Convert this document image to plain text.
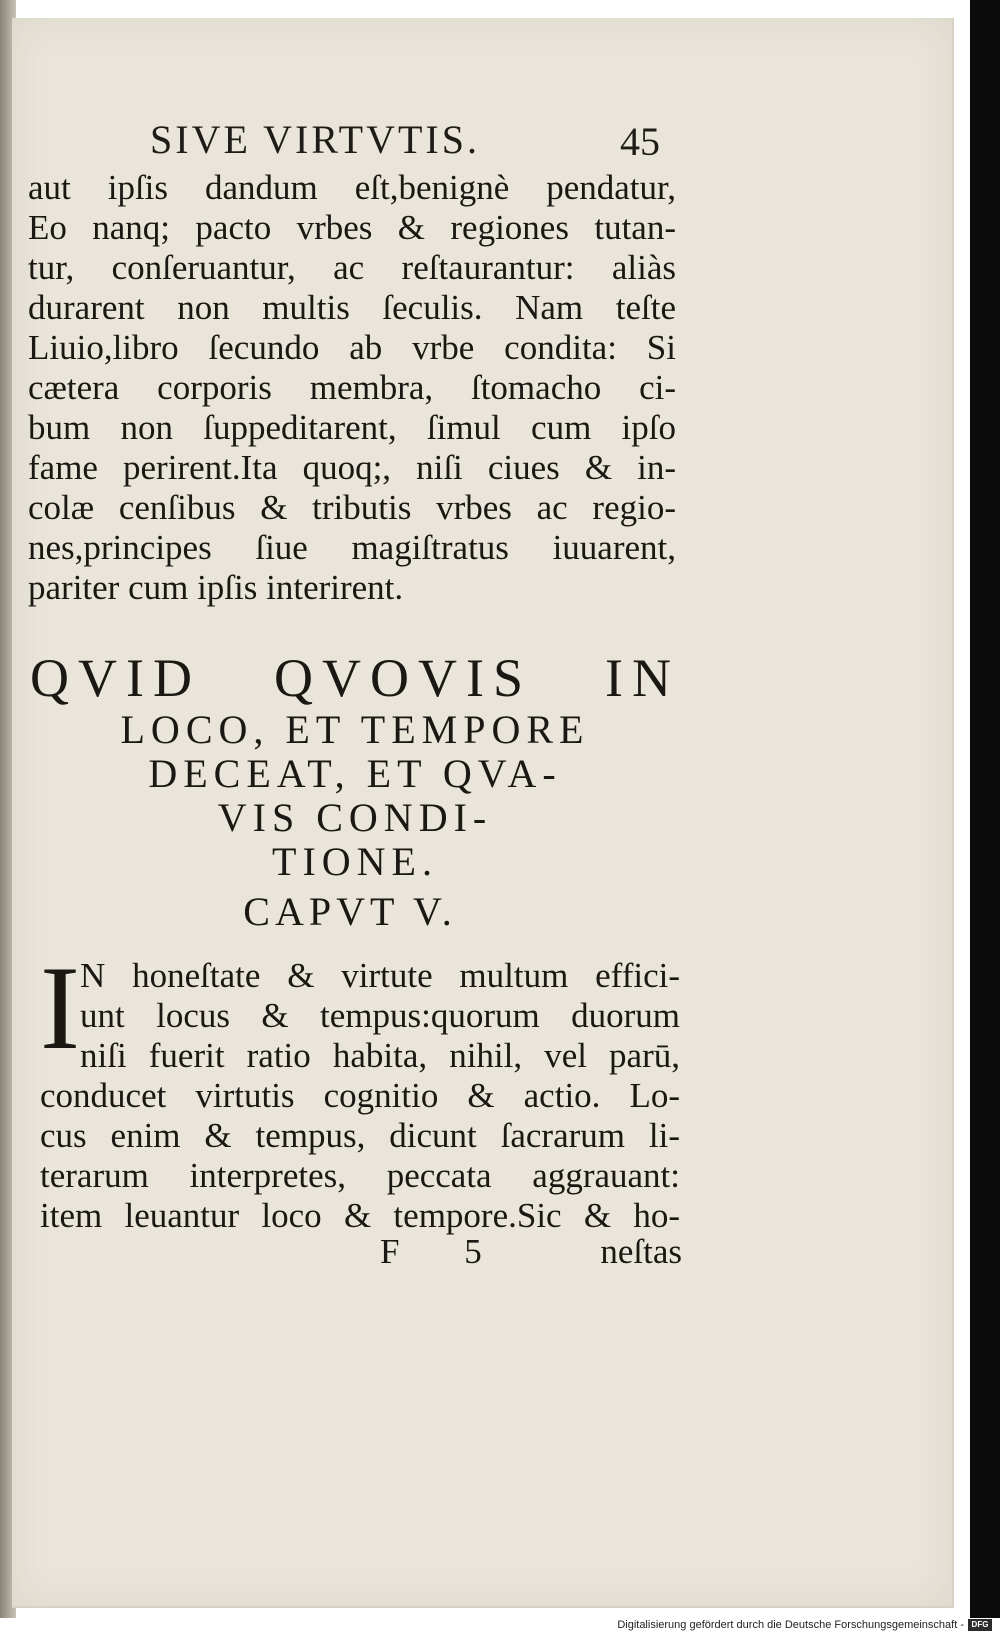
SIVE VIRTVTIS.	45
aut ipſis dandum eſt,benignè pendatur,
Eo nanq; pacto vrbes & regiones tutan-
tur, conſeruantur, ac reſtaurantur: aliàs
durarent non multis ſeculis. Nam teſte
Liuio,libro ſecundo ab vrbe condita: Si
cætera corporis membra, ſtomacho ci-
bum non ſuppeditarent, ſimul cum ipſo
fame perirent.Ita quoq;, niſi ciues & in-
colæ cenſibus & tributis vrbes ac regio-
nes,principes ſiue magiſtratus iuuarent,
pariter cum ipſis interirent.
QVID QVOVIS IN
LOCO, ET TEMPORE
DECEAT, ET QVA-
VIS CONDI-
TIONE.
CAPVT V.
I N honeſtate & virtute multum effici-
unt locus & tempus:quorum duorum
niſi fuerit ratio habita, nihil, vel parū,
conducet virtutis cognitio & actio. Lo-
cus enim & tempus, dicunt ſacrarum li-
terarum interpretes, peccata aggrauant:
item leuantur loco & tempore.Sic & ho-
F 5	neſtas
Digitalisierung gefördert durch die Deutsche Forschungsgemeinschaft - DFG
